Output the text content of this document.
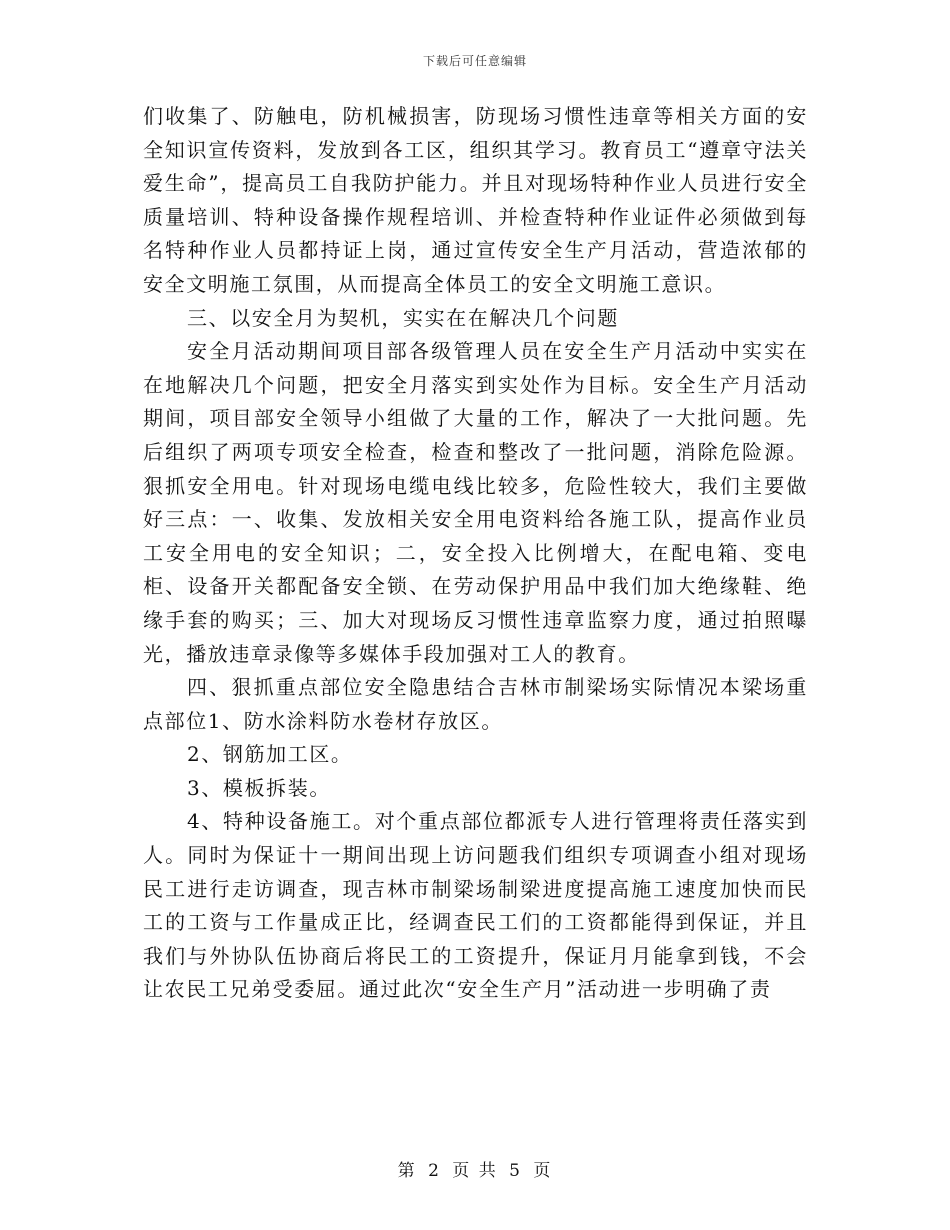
下载后可任意编辑

们收集了、防触电，防机械损害，防现场习惯性违章等相关方面的安全知识宣传资料，发放到各工区，组织其学习。教育员工“遵章守法关爱生命”，提高员工自我防护能力。并且对现场特种作业人员进行安全质量培训、特种设备操作规程培训、并检查特种作业证件必须做到每名特种作业人员都持证上岗，通过宣传安全生产月活动，营造浓郁的安全文明施工氛围，从而提高全体员工的安全文明施工意识。

三、以安全月为契机，实实在在解决几个问题

安全月活动期间项目部各级管理人员在安全生产月活动中实实在在地解决几个问题，把安全月落实到实处作为目标。安全生产月活动期间，项目部安全领导小组做了大量的工作，解决了一大批问题。先后组织了两项专项安全检查，检查和整改了一批问题，消除危险源。狠抓安全用电。针对现场电缆电线比较多，危险性较大，我们主要做好三点：一、收集、发放相关安全用电资料给各施工队，提高作业员工安全用电的安全知识；二，安全投入比例增大，在配电箱、变电柜、设备开关都配备安全锁、在劳动保护用品中我们加大绝缘鞋、绝缘手套的购买；三、加大对现场反习惯性违章监察力度，通过拍照曝光，播放违章录像等多媒体手段加强对工人的教育。

四、狠抓重点部位安全隐患结合吉林市制梁场实际情况本梁场重点部位1、防水涂料防水卷材存放区。

2、钢筋加工区。

3、模板拆装。

4、特种设备施工。对个重点部位都派专人进行管理将责任落实到人。同时为保证十一期间出现上访问题我们组织专项调查小组对现场民工进行走访调查，现吉林市制梁场制梁进度提高施工速度加快而民工的工资与工作量成正比，经调查民工们的工资都能得到保证，并且我们与外协队伍协商后将民工的工资提升，保证月月能拿到钱，不会让农民工兄弟受委屈。通过此次“安全生产月”活动进一步明确了责

第 2 页 共 5 页
